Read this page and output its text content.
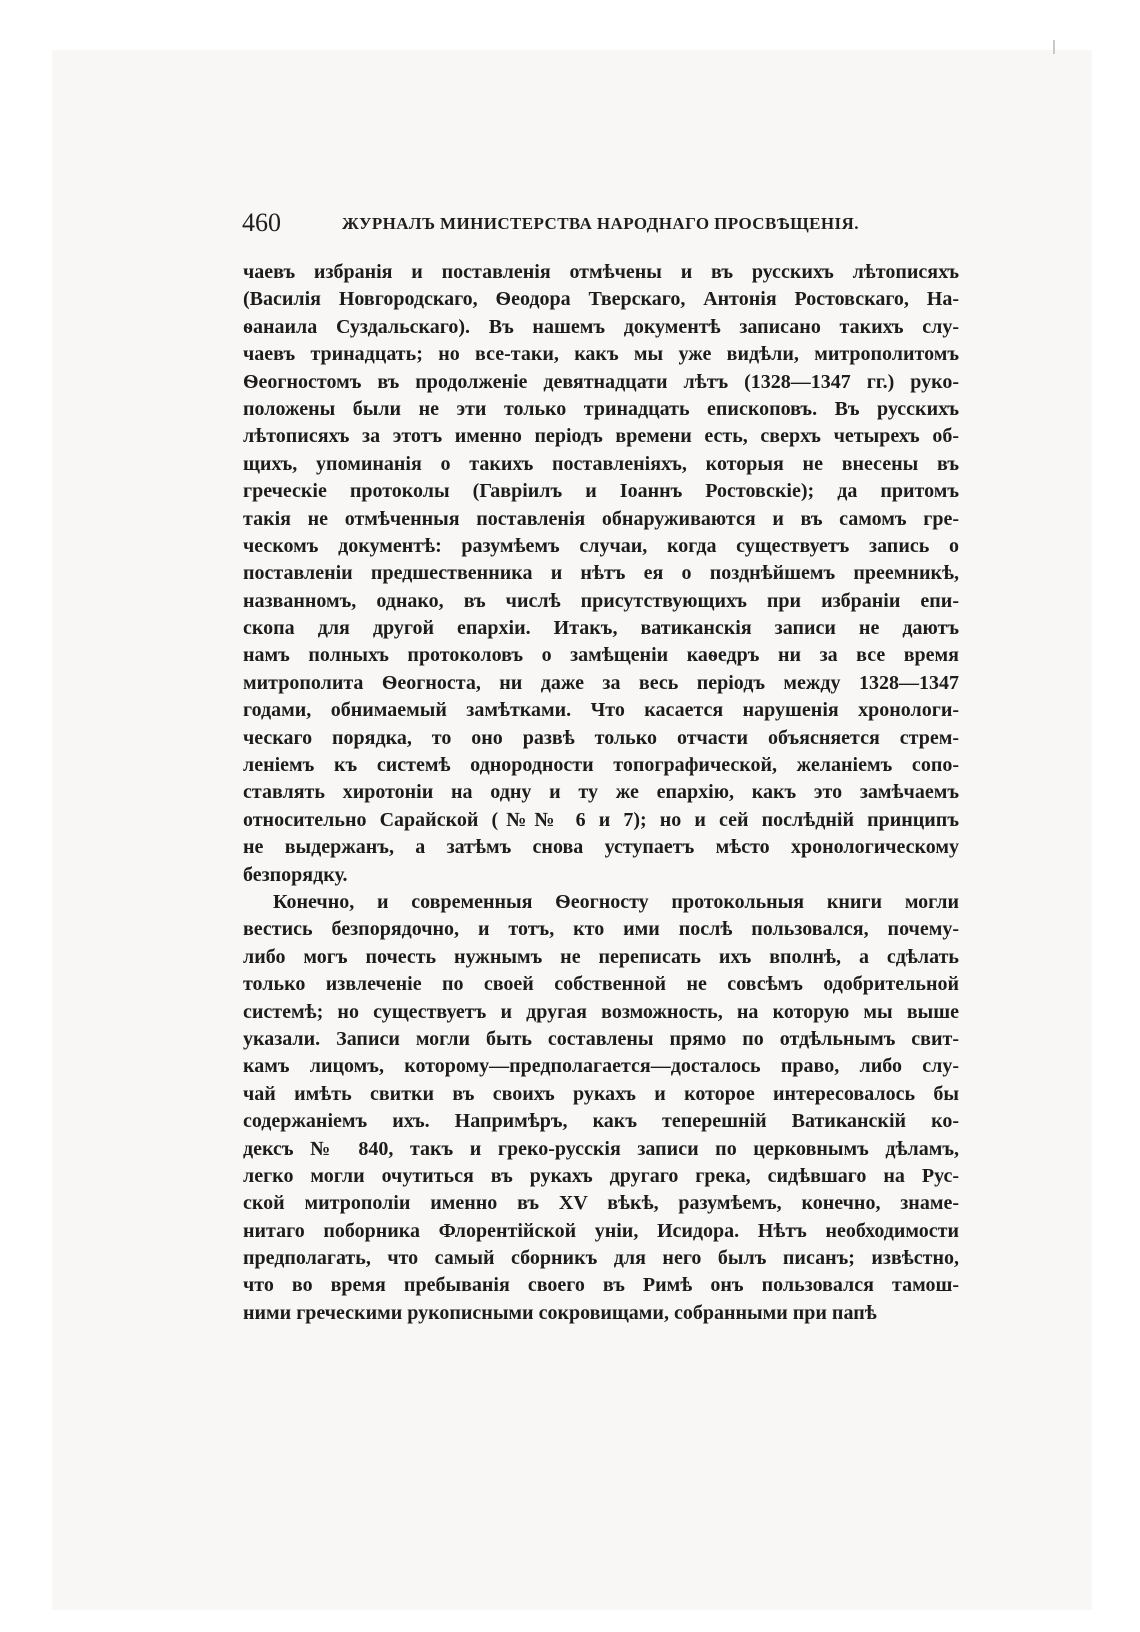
460	ЖУРНАЛЪ МИНИСТЕРСТВА НАРОДНАГО ПРОСВѢЩЕНІЯ.
чаевъ избранія и поставленія отмѣчены и въ русскихъ лѣтописяхъ
(Василія Новгородскаго, Ѳеодора Тверскаго, Антонія Ростовскаго, На-
ѳанаила Суздальскаго). Въ нашемъ документѣ записано такихъ слу-
чаевъ тринадцать; но все-таки, какъ мы уже видѣли, митрополитомъ
Ѳеогностомъ въ продолженіе девятнадцати лѣтъ (1328—1347 гг.) руко-
положены были не эти только тринадцать епископовъ. Въ русскихъ
лѣтописяхъ за этотъ именно періодъ времени есть, сверхъ четырехъ об-
щихъ, упоминанія о такихъ поставленіяхъ, которыя не внесены въ
греческіе протоколы (Гавріилъ и Іоаннъ Ростовскіе); да притомъ
такія не отмѣченныя поставленія обнаруживаются и въ самомъ гре-
ческомъ документѣ: разумѣемъ случаи, когда существуетъ запись о
поставленіи предшественника и нѣтъ ея о позднѣйшемъ преемникѣ,
названномъ, однако, въ числѣ присутствующихъ при избраніи епи-
скопа для другой епархіи. Итакъ, ватиканскія записи не даютъ
намъ полныхъ протоколовъ о замѣщеніи каѳедръ ни за все время
митрополита Ѳеогноста, ни даже за весь періодъ между 1328—1347
годами, обнимаемый замѣтками. Что касается нарушенія хронологи-
ческаго порядка, то оно развѣ только отчасти объясняется стрем-
леніемъ къ системѣ однородности топографической, желаніемъ сопо-
ставлять хиротоніи на одну и ту же епархію, какъ это замѣчаемъ
относительно Сарайской (№№ 6 и 7); но и сей послѣдній принципъ
не выдержанъ, а затѣмъ снова уступаетъ мѣсто хронологическому
безпорядку.
Конечно, и современныя Ѳеогносту протокольныя книги могли
вестись безпорядочно, и тотъ, кто ими послѣ пользовался, почему-
либо могъ почесть нужнымъ не переписать ихъ вполнѣ, а сдѣлать
только извлеченіе по своей собственной не совсѣмъ одобрительной
системѣ; но существуетъ и другая возможность, на которую мы выше
указали. Записи могли быть составлены прямо по отдѣльнымъ свит-
камъ лицомъ, которому—предполагается—досталось право, либо слу-
чай имѣть свитки въ своихъ рукахъ и которое интересовалось бы
содержаніемъ ихъ. Напримѣръ, какъ теперешній Ватиканскій ко-
дексъ № 840, такъ и греко-русскія записи по церковнымъ дѣламъ,
легко могли очутиться въ рукахъ другаго грека, сидѣвшаго на Рус-
ской митрополіи именно въ XV вѣкѣ, разумѣемъ, конечно, знаме-
нитаго поборника Флорентійской уніи, Исидора. Нѣтъ необходимости
предполагать, что самый сборникъ для него былъ писанъ; извѣстно,
что во время пребыванія своего въ Римѣ онъ пользовался тамош-
ними греческими рукописными сокровищами, собранными при папѣ
